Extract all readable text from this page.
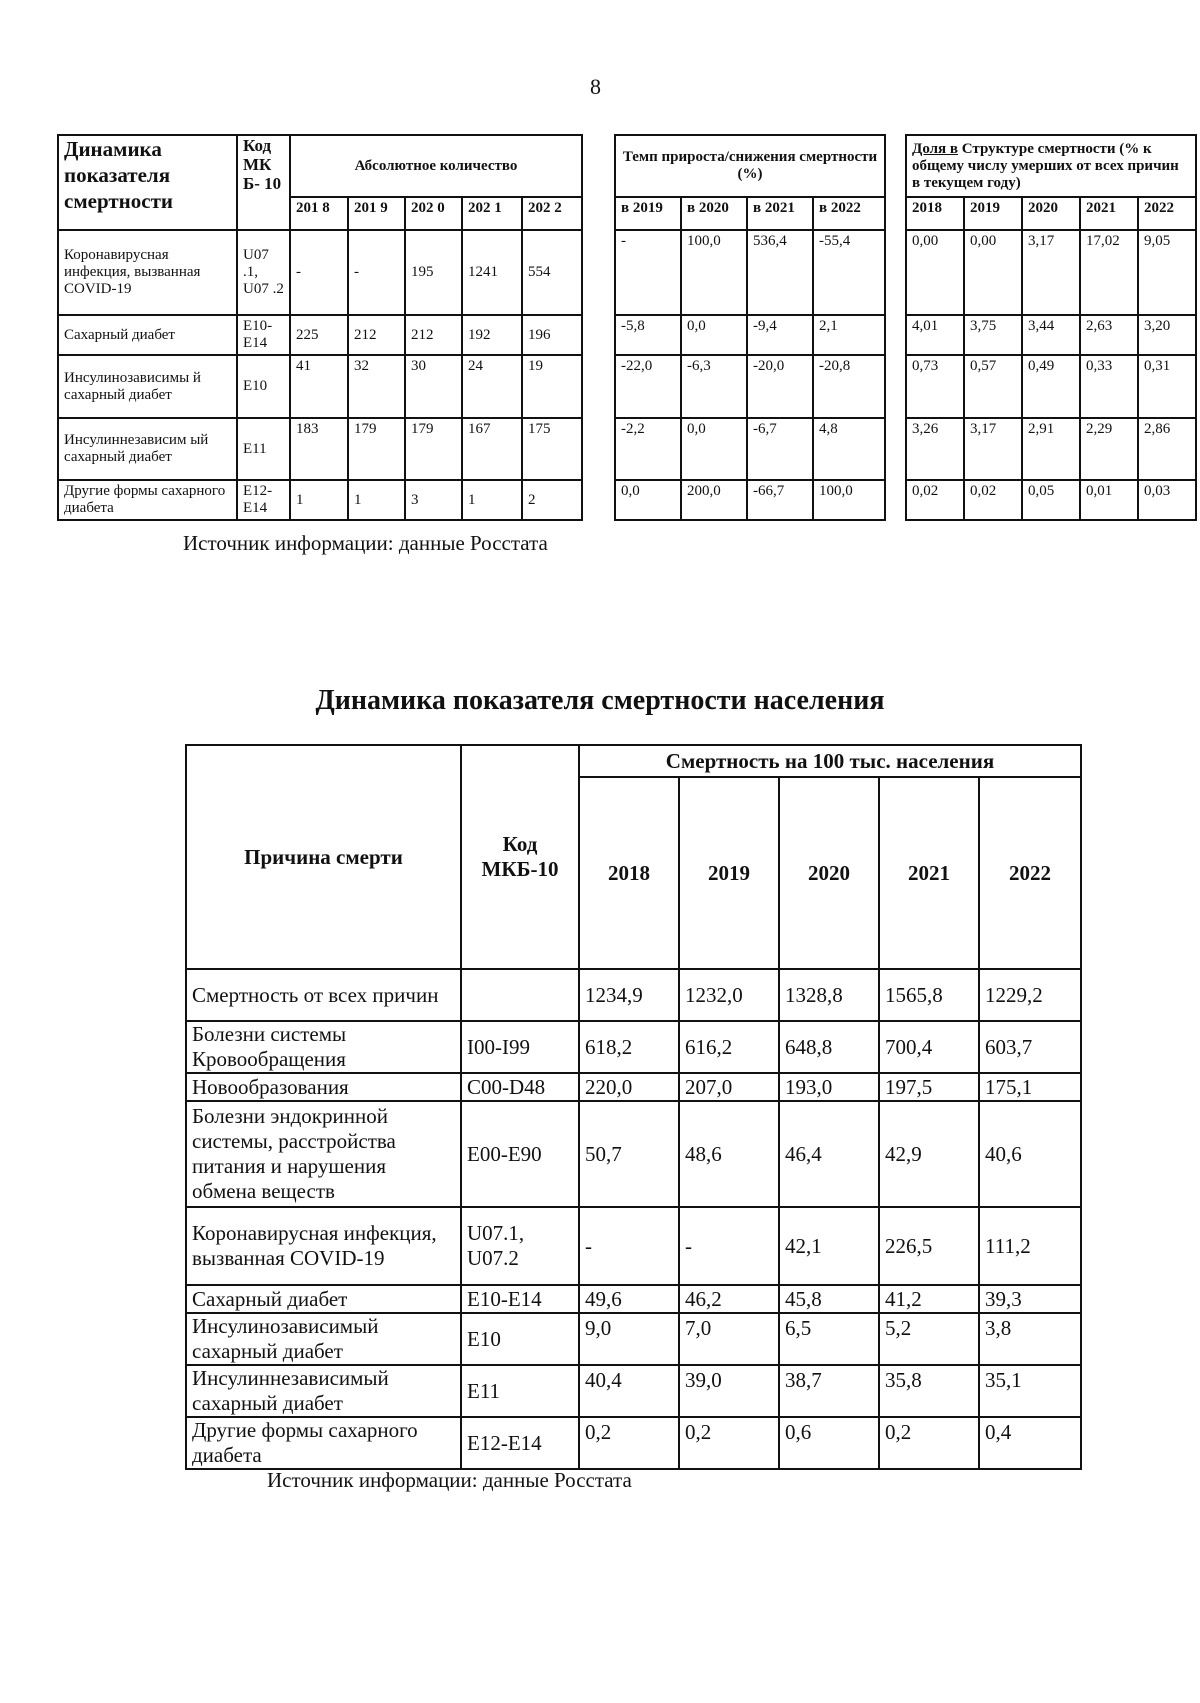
8
Динамика показателя смертности	Код МК Б- 10	Абсолютное количество				
		201 8	201 9	202 0	202 1	202 2
Коронавирусная инфекция, вызванная COVID-19	U07 .1, U07 .2	-	-	195	1241	554
Сахарный диабет	E10- E14	225	212	212	192	196
Инсулинозависимы й сахарный диабет	E10	41	32	30	24	19
Инсулиннезависим ый сахарный диабет	E11	183	179	179	167	175
Другие формы сахарного диабета	E12- E14	1	1	3	1	2
Темп прироста/снижения смертности (%)			
в 2019	в 2020	в 2021	в 2022
-	100,0	536,4	-55,4
-5,8	0,0	-9,4	2,1
-22,0	-6,3	-20,0	-20,8
-2,2	0,0	-6,7	4,8
0,0	200,0	-66,7	100,0
Доля в Структуре смертности (% к общему числу умерших от всех причин в текущем году)				
2018	2019	2020	2021	2022
0,00	0,00	3,17	17,02	9,05
4,01	3,75	3,44	2,63	3,20
0,73	0,57	0,49	0,33	0,31
3,26	3,17	2,91	2,29	2,86
0,02	0,02	0,05	0,01	0,03
Источник информации: данные Росстата
Динамика показателя смертности населения
Причина смерти	Код МКБ-10	Смертность на 100 тыс. населения				
		2018	2019	2020	2021	2022
Смертность от всех причин		1234,9	1232,0	1328,8	1565,8	1229,2
Болезни системы Кровообращения	I00-I99	618,2	616,2	648,8	700,4	603,7
Новообразования	C00-D48	220,0	207,0	193,0	197,5	175,1
Болезни эндокринной системы, расстройства питания и нарушения обмена веществ	E00-E90	50,7	48,6	46,4	42,9	40,6
Коронавирусная инфекция, вызванная COVID-19	U07.1, U07.2	-	-	42,1	226,5	111,2
Сахарный диабет	E10-E14	49,6	46,2	45,8	41,2	39,3
Инсулинозависимый сахарный диабет	E10	9,0	7,0	6,5	5,2	3,8
Инсулиннезависимый сахарный диабет	E11	40,4	39,0	38,7	35,8	35,1
Другие формы сахарного диабета	E12-E14	0,2	0,2	0,6	0,2	0,4
Источник информации: данные Росстата
